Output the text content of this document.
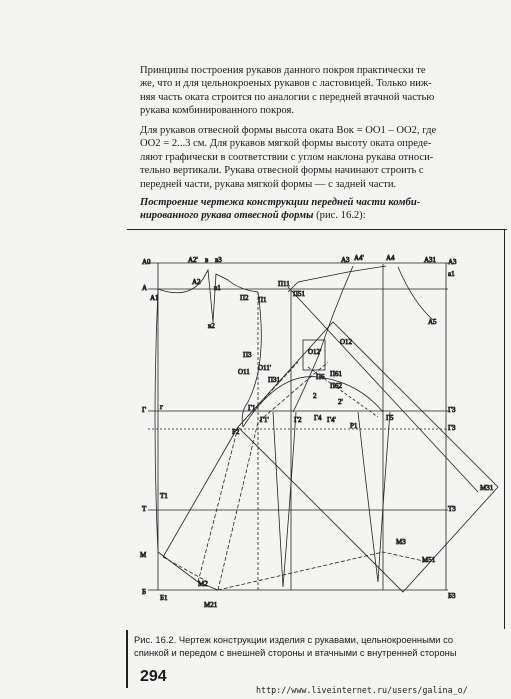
Принципы построения рукавов данного покроя практически те
же, что и для цельнокроеных рукавов с ластовицей. Только ниж-
няя часть оката строится по аналогии с передней втачной частью
рукава комбинированного покроя.

Для рукавов отвесной формы высота оката Вок = ОО1 – ОО2, где
ОО2 = 2...3 см. Для рукавов мягкой формы высоту оката опреде-
ляют графически в соответствии с углом наклона рукава относи-
тельно вертикали. Рукава отвесной формы начинают строить с
передней части, рукава мягкой формы — с задней части.

Построение чертежа конструкции передней части комби-
нированного рукава отвесной формы (рис. 16.2):

А0	А2' в в3	А3 А4'	А4	А31 А3
а1
А
А1
А2
в1
П2 П1
П11
П51
в2	А5
П3	О12'
О12
О11 О11'
П31	П6 П61
П62
Г г	Г1
2
2'
Г1'	Г2 Г4 Г4'
Г3
Г5
Г3
Р2
Р1
М31
Т1
Т	Т3
М
М3
М51
М2
М21
Б
Б1	Б3

Рис. 16.2. Чертеж конструкции изделия с рукавами, цельнокроенными со
спинкой и передом с внешней стороны и втачными с внутренней стороны

294
http://www.liveinternet.ru/users/galina_o/
